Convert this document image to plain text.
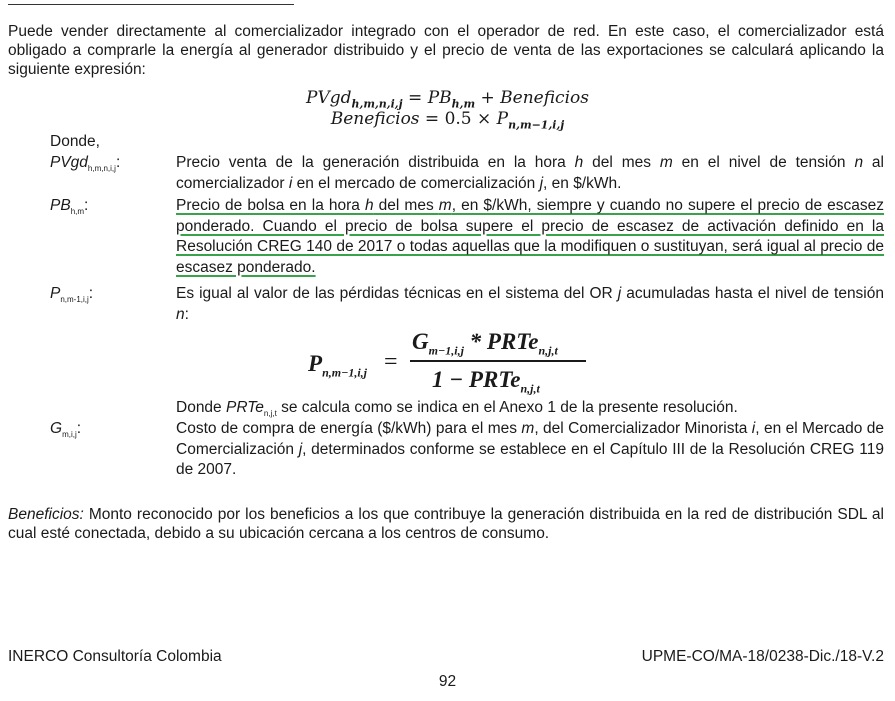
Puede vender directamente al comercializador integrado con el operador de red. En este caso, el comercializador está obligado a comprarle la energía al generador distribuido y el precio de venta de las exportaciones se calculará aplicando la siguiente expresión:

PVgd$_{h,m,n,i,j}$ = $PB_{h,m}$ + Beneficios
Beneficios = $0.5 \times P_{n,m-1,i,j}$
Donde,
PVgd$_{h,m,n,i,j}$:	Precio venta de la generación distribuida en la hora h del mes m en el nivel de tensión n al comercializador i en el mercado de comercialización j, en $/kWh.

$PB_{h,m}$:	Precio de bolsa en la hora h del mes m, en $/kWh, siempre y cuando no supere el precio de escasez ponderado. Cuando el precio de bolsa supere el precio de escasez de activación definido en la Resolución CREG 140 de 2017 o todas aquellas que la modifiquen o sustituyan, será igual al precio de escasez ponderado.

$P_{n,m-1,i,j}$:	Es igual al valor de las pérdidas técnicas en el sistema del OR j acumuladas hasta el nivel de tensión n:

$P_{n,m-1,i,j}$ =
$G_{m-1,i,j}$ * PRTe$_{n,j,t}$
1 − PRTe$_{n,j,t}$

Donde PRTe$_{n,j,t}$ se calcula como se indica en el Anexo 1 de la presente resolución.

$G_{m,i,j}$:	Costo de compra de energía ($/kWh) para el mes m, del Comercializador Minorista i, en el Mercado de Comercialización j, determinados conforme se establece en el Capítulo III de la Resolución CREG 119 de 2007.

Beneficios: Monto reconocido por los beneficios a los que contribuye la generación distribuida en la red de distribución SDL al cual esté conectada, debido a su ubicación cercana a los centros de consumo.

INERCO Consultoría Colombia	UPME-CO/MA-18/0238-Dic./18-V.2
92
